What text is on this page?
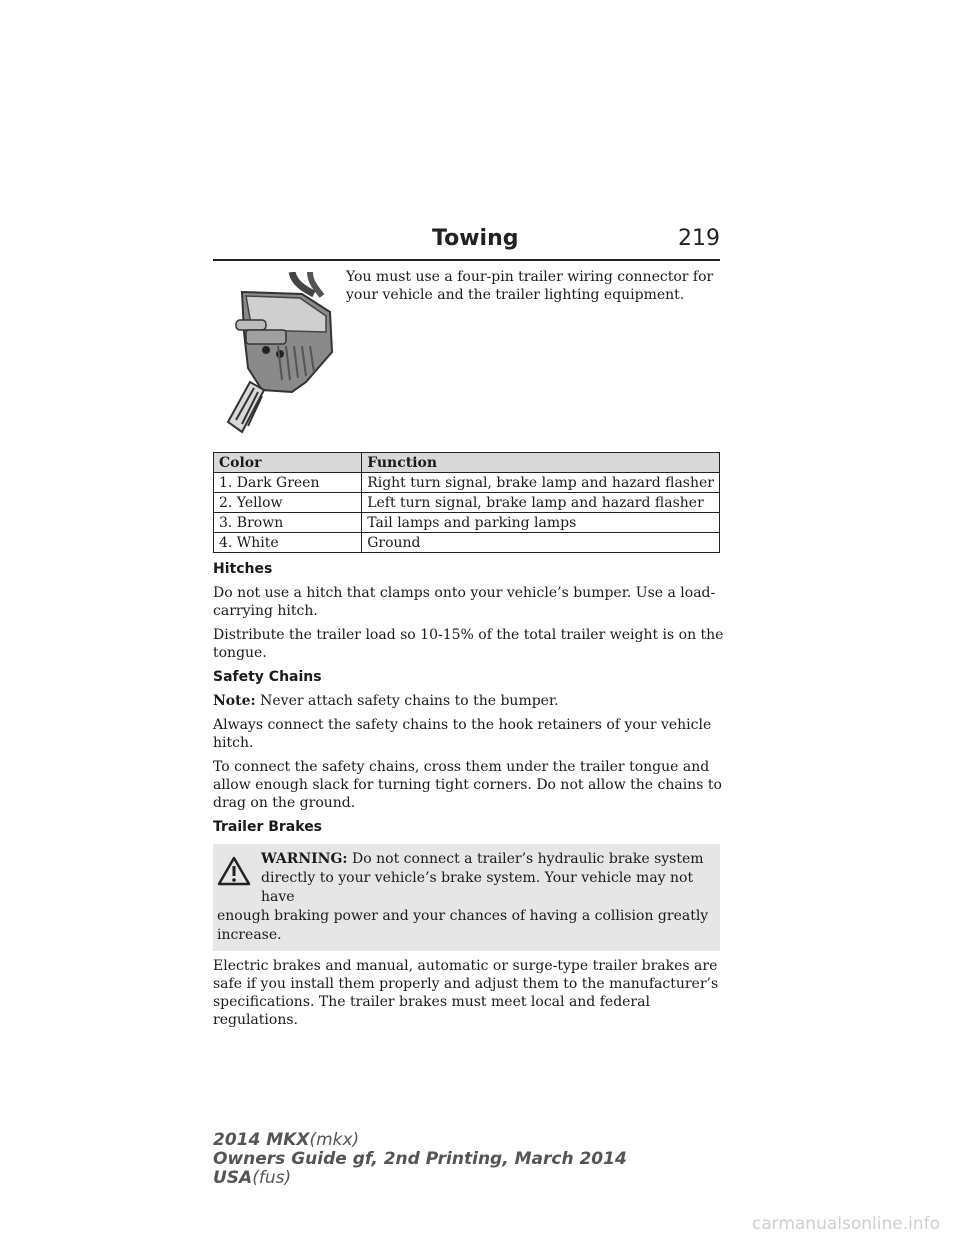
Towing	219
You must use a four-pin trailer wiring connector for your vehicle and the trailer lighting equipment.
Color	Function
1. Dark Green	Right turn signal, brake lamp and hazard flasher
2. Yellow	Left turn signal, brake lamp and hazard flasher
3. Brown	Tail lamps and parking lamps
4. White	Ground
Hitches

Do not use a hitch that clamps onto your vehicle’s bumper. Use a load-carrying hitch.

Distribute the trailer load so 10-15% of the total trailer weight is on the tongue.

Safety Chains

Note: Never attach safety chains to the bumper.

Always connect the safety chains to the hook retainers of your vehicle hitch.

To connect the safety chains, cross them under the trailer tongue and allow enough slack for turning tight corners. Do not allow the chains to drag on the ground.

Trailer Brakes
WARNING: Do not connect a trailer’s hydraulic brake system directly to your vehicle’s brake system. Your vehicle may not have
enough braking power and your chances of having a collision greatly increase.

Electric brakes and manual, automatic or surge-type trailer brakes are safe if you install them properly and adjust them to the manufacturer’s specifications. The trailer brakes must meet local and federal regulations.

2014 MKX(mkx)
Owners Guide gf, 2nd Printing, March 2014
USA(fus)
carmanualsonline.info
